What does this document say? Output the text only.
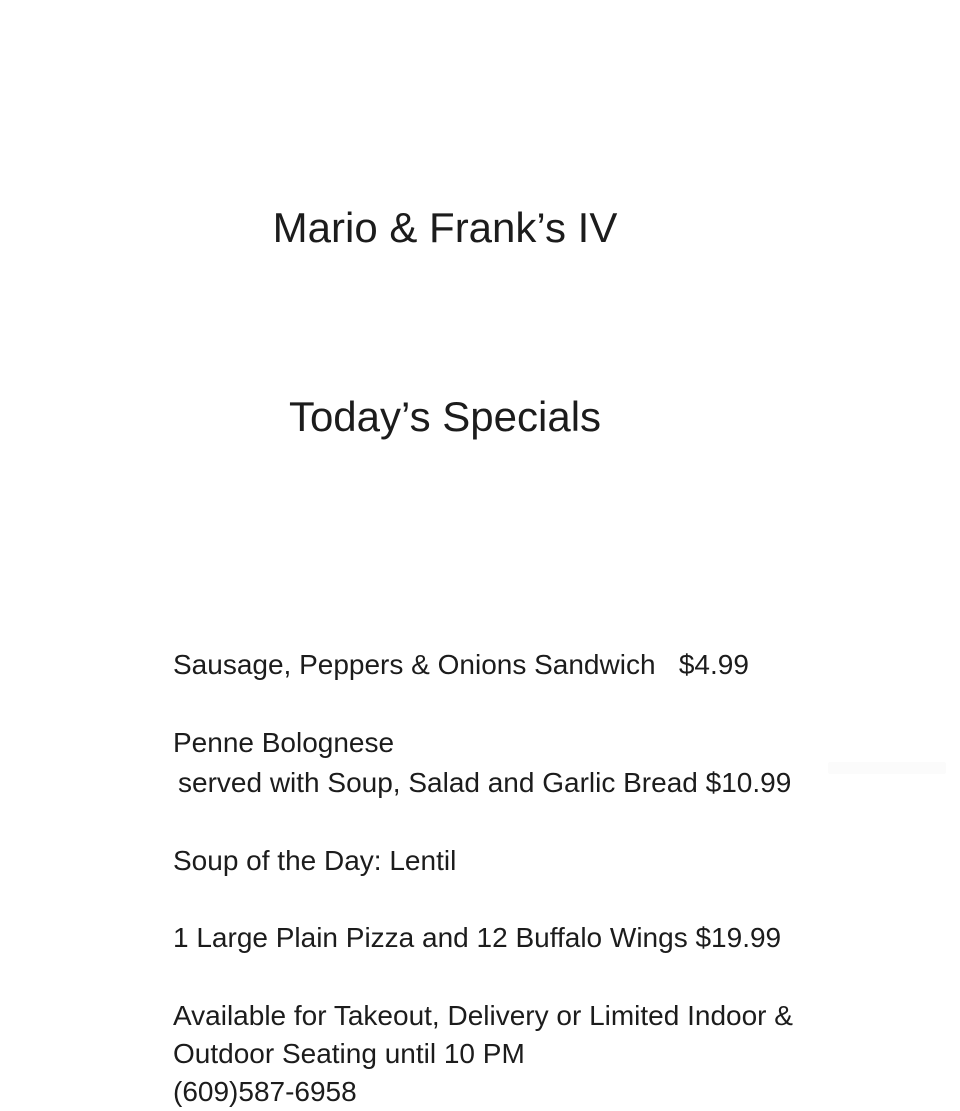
Mario & Frank’s IV

Today’s Specials

Sausage, Peppers & Onions Sandwich   $4.99
Penne Bolognese
served with Soup, Salad and Garlic Bread $10.99
Soup of the Day: Lentil
1 Large Plain Pizza and 12 Buffalo Wings $19.99
Available for Takeout, Delivery or Limited Indoor &
Outdoor Seating until 10 PM
(609)587-6958
